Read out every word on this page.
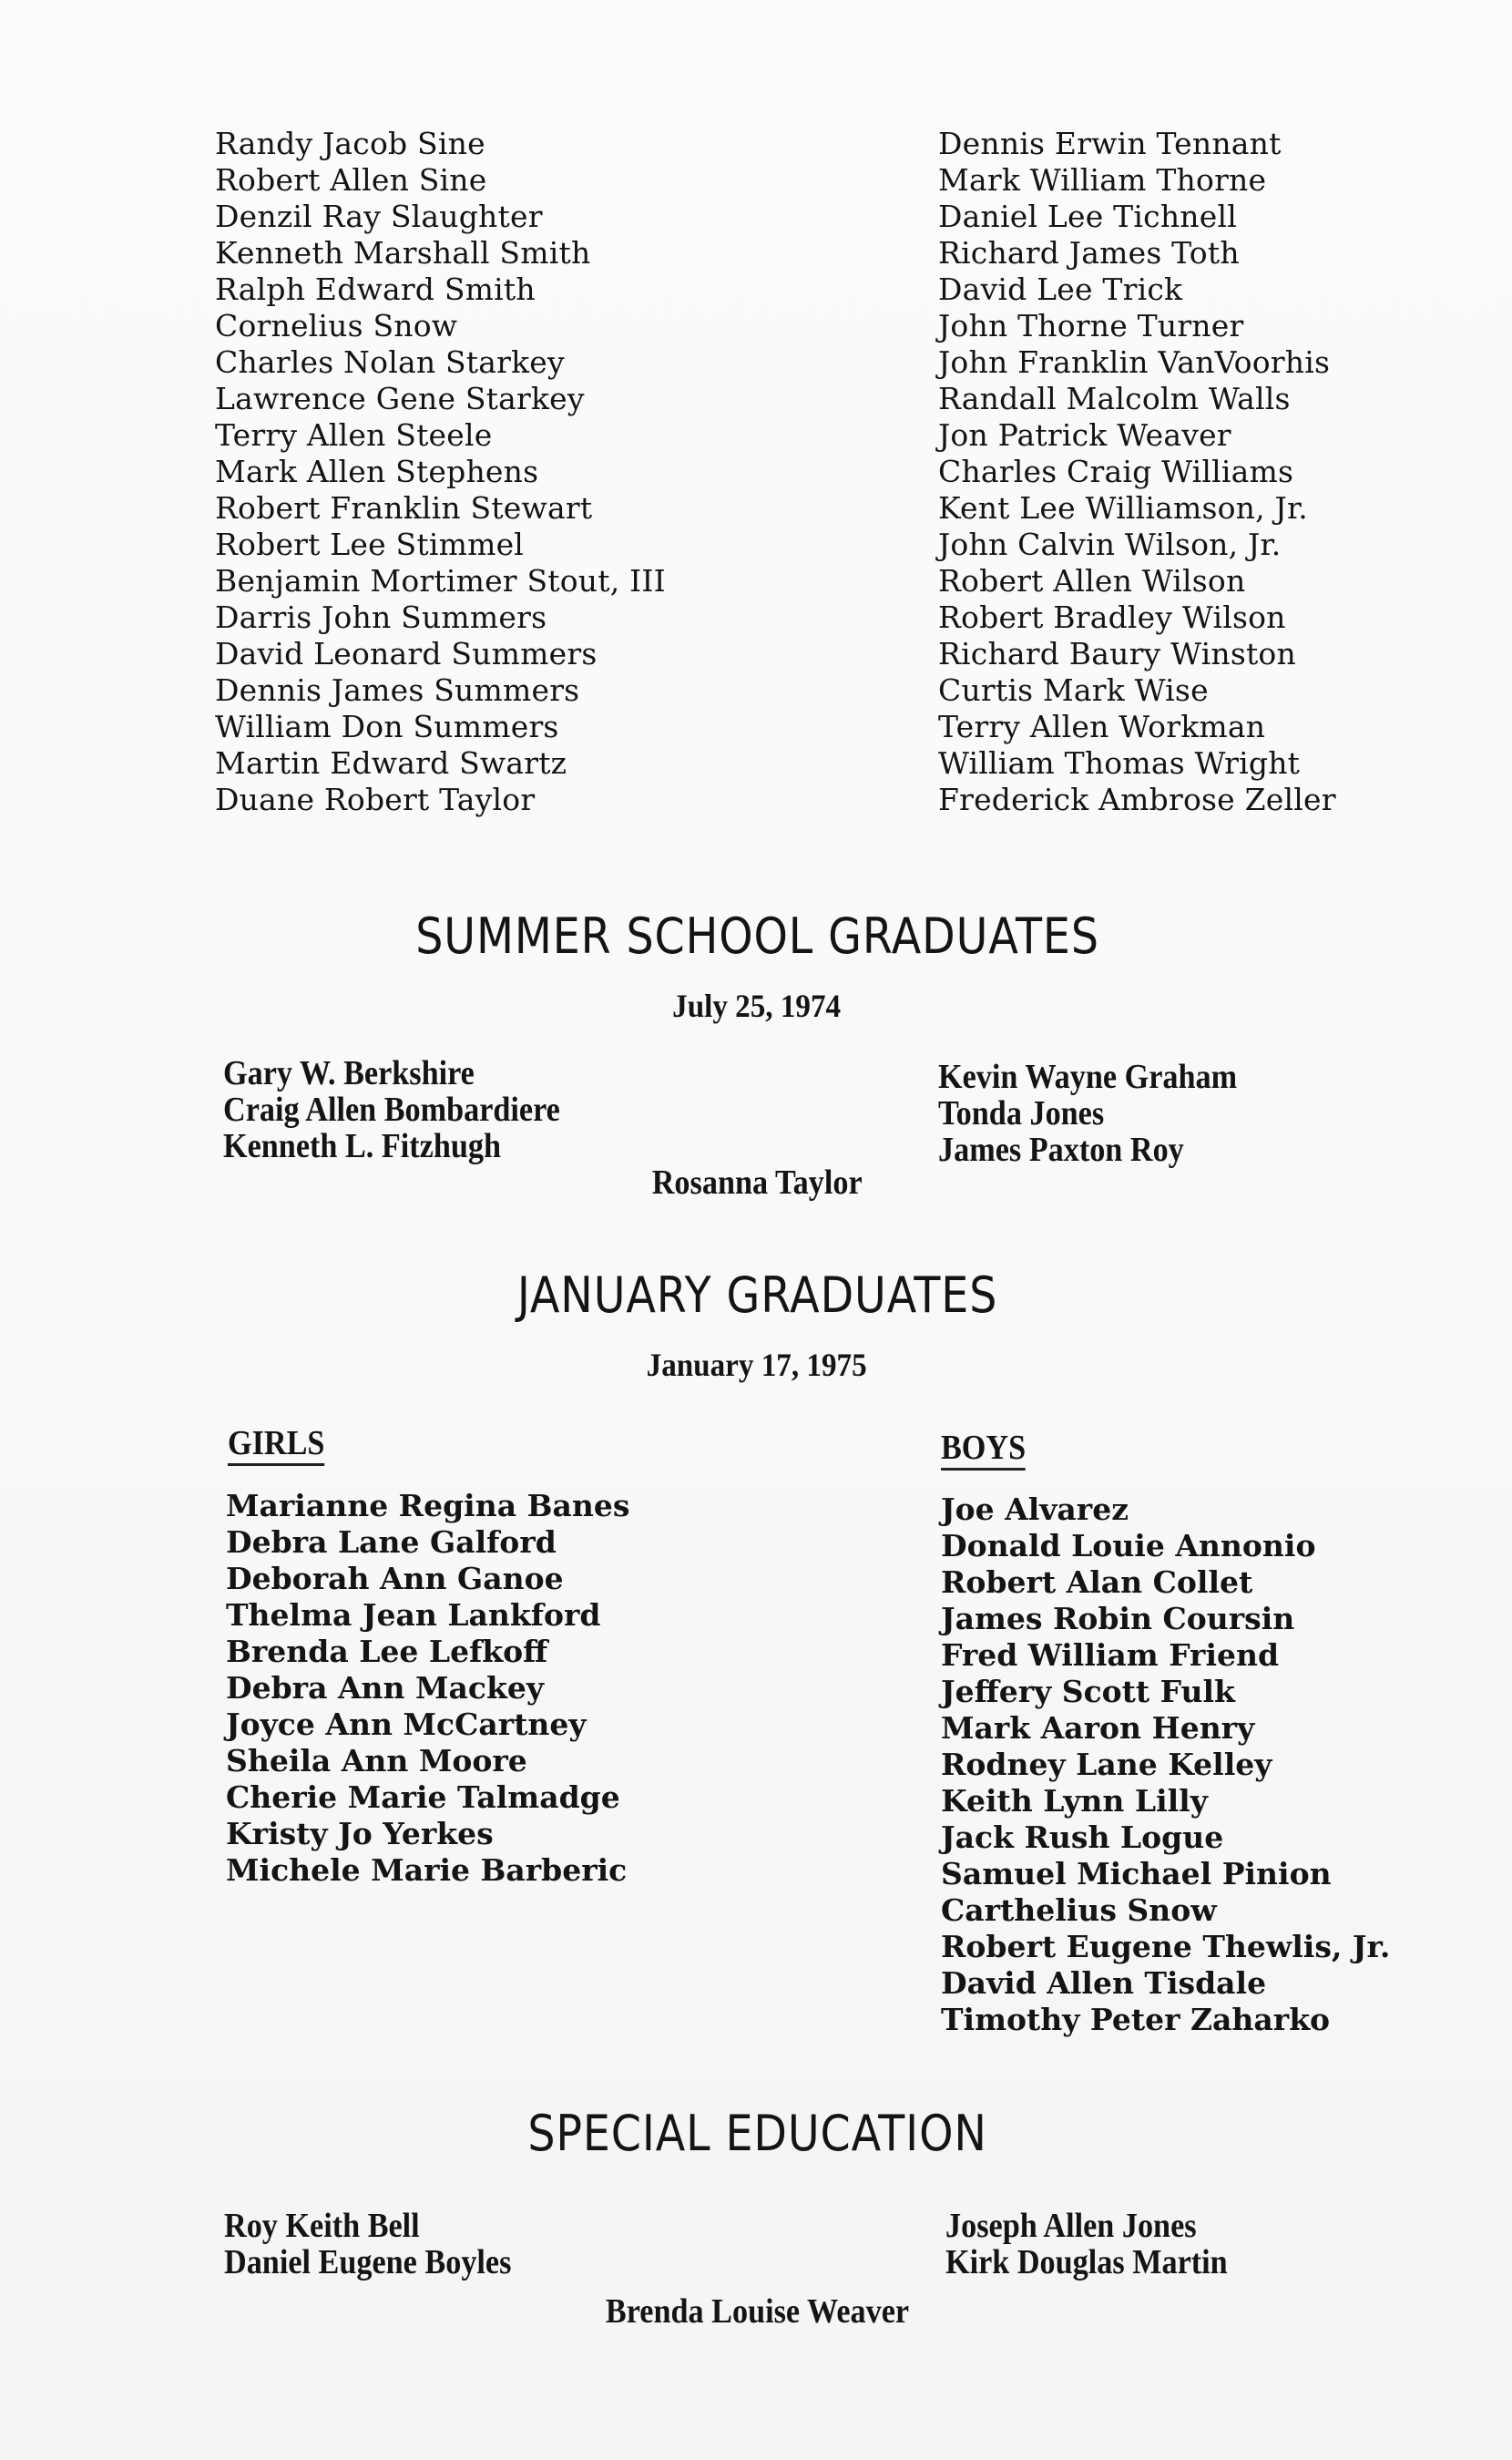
Randy Jacob Sine
Robert Allen Sine
Denzil Ray Slaughter
Kenneth Marshall Smith
Ralph Edward Smith
Cornelius Snow
Charles Nolan Starkey
Lawrence Gene Starkey
Terry Allen Steele
Mark Allen Stephens
Robert Franklin Stewart
Robert Lee Stimmel
Benjamin Mortimer Stout, III
Darris John Summers
David Leonard Summers
Dennis James Summers
William Don Summers
Martin Edward Swartz
Duane Robert Taylor
Dennis Erwin Tennant
Mark William Thorne
Daniel Lee Tichnell
Richard James Toth
David Lee Trick
John Thorne Turner
John Franklin VanVoorhis
Randall Malcolm Walls
Jon Patrick Weaver
Charles Craig Williams
Kent Lee Williamson, Jr.
John Calvin Wilson, Jr.
Robert Allen Wilson
Robert Bradley Wilson
Richard Baury Winston
Curtis Mark Wise
Terry Allen Workman
William Thomas Wright
Frederick Ambrose Zeller
SUMMER SCHOOL GRADUATES
July 25, 1974
Gary W. Berkshire
Craig Allen Bombardiere
Kenneth L. Fitzhugh
Kevin Wayne Graham
Tonda Jones
James Paxton Roy
Rosanna Taylor
JANUARY GRADUATES
January 17, 1975
GIRLS	BOYS
Marianne Regina Banes
Debra Lane Galford
Deborah Ann Ganoe
Thelma Jean Lankford
Brenda Lee Lefkoff
Debra Ann Mackey
Joyce Ann McCartney
Sheila Ann Moore
Cherie Marie Talmadge
Kristy Jo Yerkes
Michele Marie Barberic
Joe Alvarez
Donald Louie Annonio
Robert Alan Collet
James Robin Coursin
Fred William Friend
Jeffery Scott Fulk
Mark Aaron Henry
Rodney Lane Kelley
Keith Lynn Lilly
Jack Rush Logue
Samuel Michael Pinion
Carthelius Snow
Robert Eugene Thewlis, Jr.
David Allen Tisdale
Timothy Peter Zaharko
SPECIAL EDUCATION
Roy Keith Bell
Daniel Eugene Boyles
Joseph Allen Jones
Kirk Douglas Martin
Brenda Louise Weaver
